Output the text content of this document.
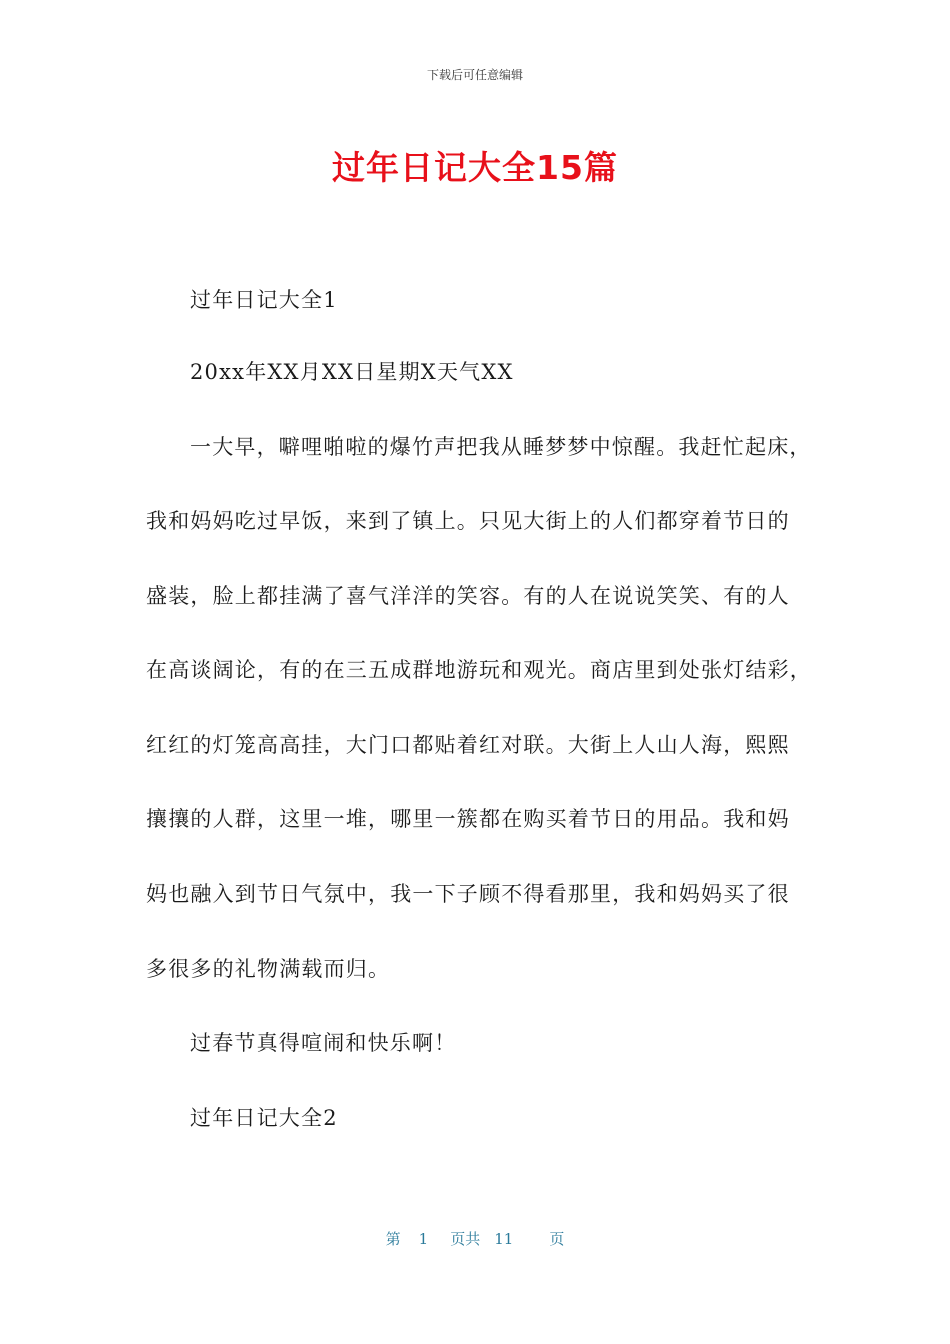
下载后可任意编辑
过年日记大全15篇
过年日记大全1
20xx年XX月XX日星期X天气XX
一大早，噼哩啪啦的爆竹声把我从睡梦梦中惊醒。我赶忙起床，
我和妈妈吃过早饭，来到了镇上。只见大街上的人们都穿着节日的
盛装，脸上都挂满了喜气洋洋的笑容。有的人在说说笑笑、有的人
在高谈阔论，有的在三五成群地游玩和观光。商店里到处张灯结彩，
红红的灯笼高高挂，大门口都贴着红对联。大街上人山人海，熙熙
攘攘的人群，这里一堆，哪里一簇都在购买着节日的用品。我和妈
妈也融入到节日气氛中，我一下子顾不得看那里，我和妈妈买了很
多很多的礼物满载而归。
过春节真得喧闹和快乐啊！
过年日记大全2
第 1 页共 11 页
